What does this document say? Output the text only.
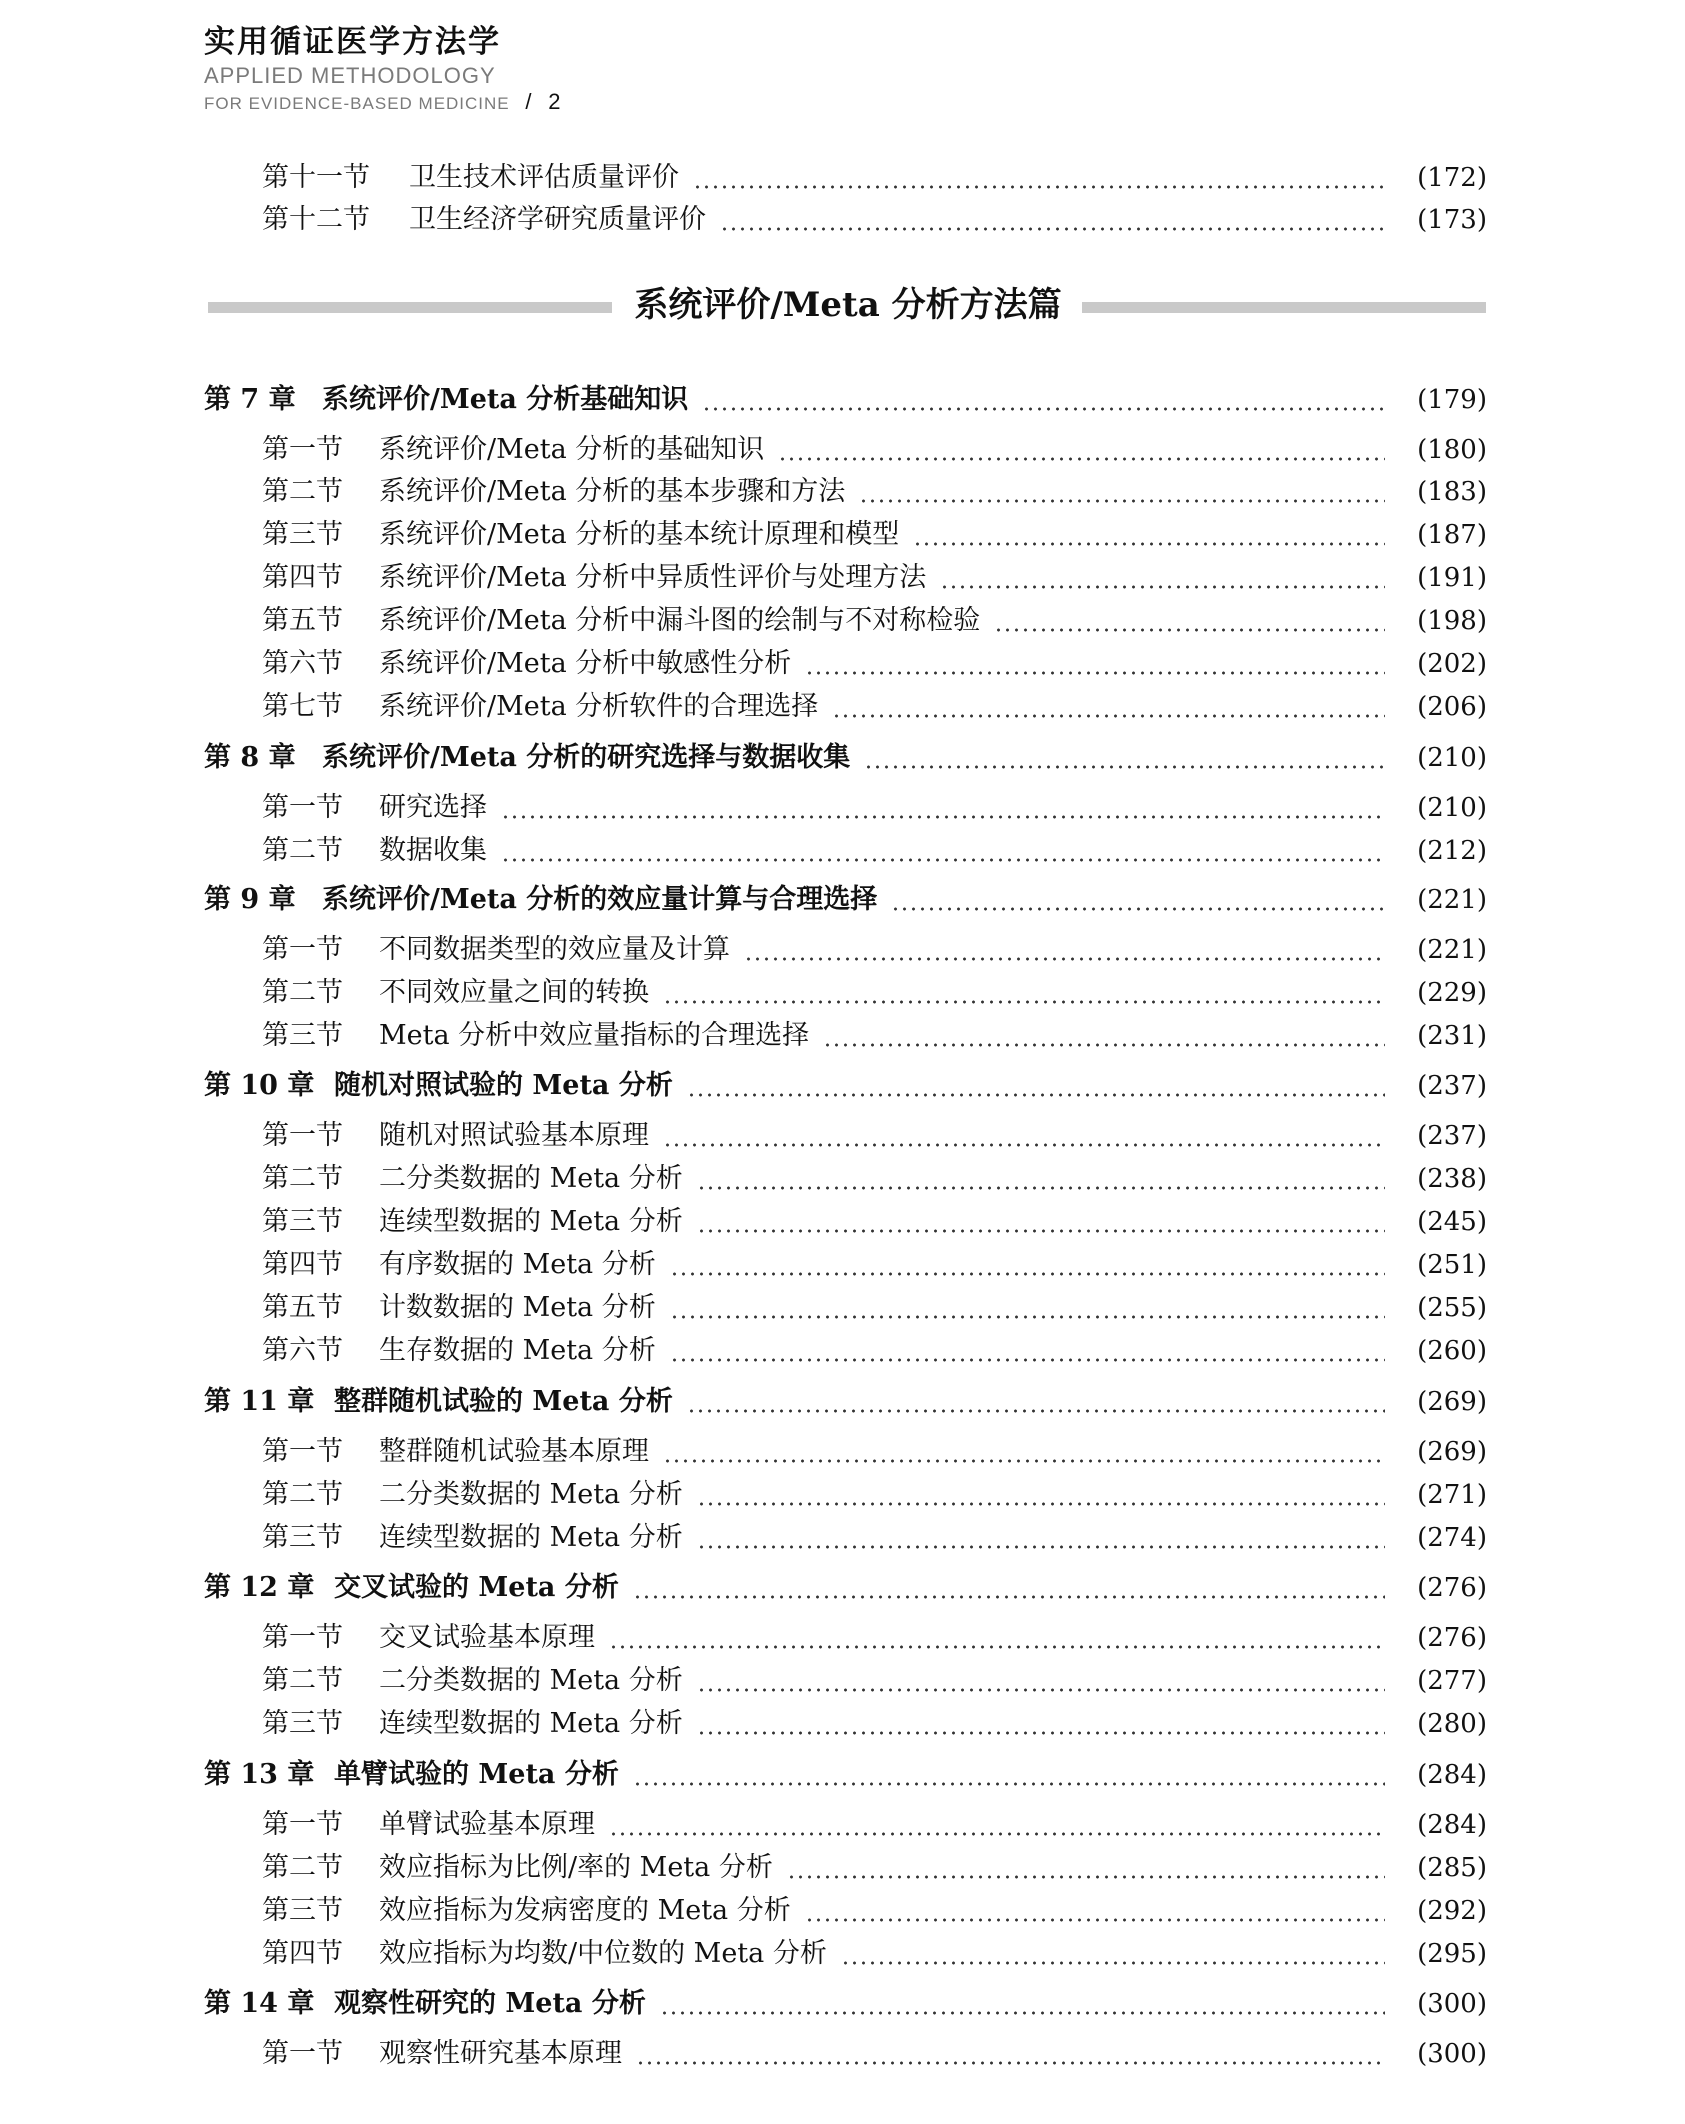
实用循证医学方法学
APPLIED METHODOLOGY
FOR EVIDENCE-BASED MEDICINE / 2
系统评价/Meta 分析方法篇
第十一节 卫生技术评估质量评价	(172)
第十二节 卫生经济学研究质量评价	(173)
第 7 章 系统评价/Meta 分析基础知识	(179)
第一节 系统评价/Meta 分析的基础知识	(180)
第二节 系统评价/Meta 分析的基本步骤和方法	(183)
第三节 系统评价/Meta 分析的基本统计原理和模型	(187)
第四节 系统评价/Meta 分析中异质性评价与处理方法	(191)
第五节 系统评价/Meta 分析中漏斗图的绘制与不对称检验	(198)
第六节 系统评价/Meta 分析中敏感性分析	(202)
第七节 系统评价/Meta 分析软件的合理选择	(206)
第 8 章 系统评价/Meta 分析的研究选择与数据收集	(210)
第一节 研究选择	(210)
第二节 数据收集	(212)
第 9 章 系统评价/Meta 分析的效应量计算与合理选择	(221)
第一节 不同数据类型的效应量及计算	(221)
第二节 不同效应量之间的转换	(229)
第三节 Meta 分析中效应量指标的合理选择	(231)
第 10 章 随机对照试验的 Meta 分析	(237)
第一节 随机对照试验基本原理	(237)
第二节 二分类数据的 Meta 分析	(238)
第三节 连续型数据的 Meta 分析	(245)
第四节 有序数据的 Meta 分析	(251)
第五节 计数数据的 Meta 分析	(255)
第六节 生存数据的 Meta 分析	(260)
第 11 章 整群随机试验的 Meta 分析	(269)
第一节 整群随机试验基本原理	(269)
第二节 二分类数据的 Meta 分析	(271)
第三节 连续型数据的 Meta 分析	(274)
第 12 章 交叉试验的 Meta 分析	(276)
第一节 交叉试验基本原理	(276)
第二节 二分类数据的 Meta 分析	(277)
第三节 连续型数据的 Meta 分析	(280)
第 13 章 单臂试验的 Meta 分析	(284)
第一节 单臂试验基本原理	(284)
第二节 效应指标为比例/率的 Meta 分析	(285)
第三节 效应指标为发病密度的 Meta 分析	(292)
第四节 效应指标为均数/中位数的 Meta 分析	(295)
第 14 章 观察性研究的 Meta 分析	(300)
第一节 观察性研究基本原理	(300)
